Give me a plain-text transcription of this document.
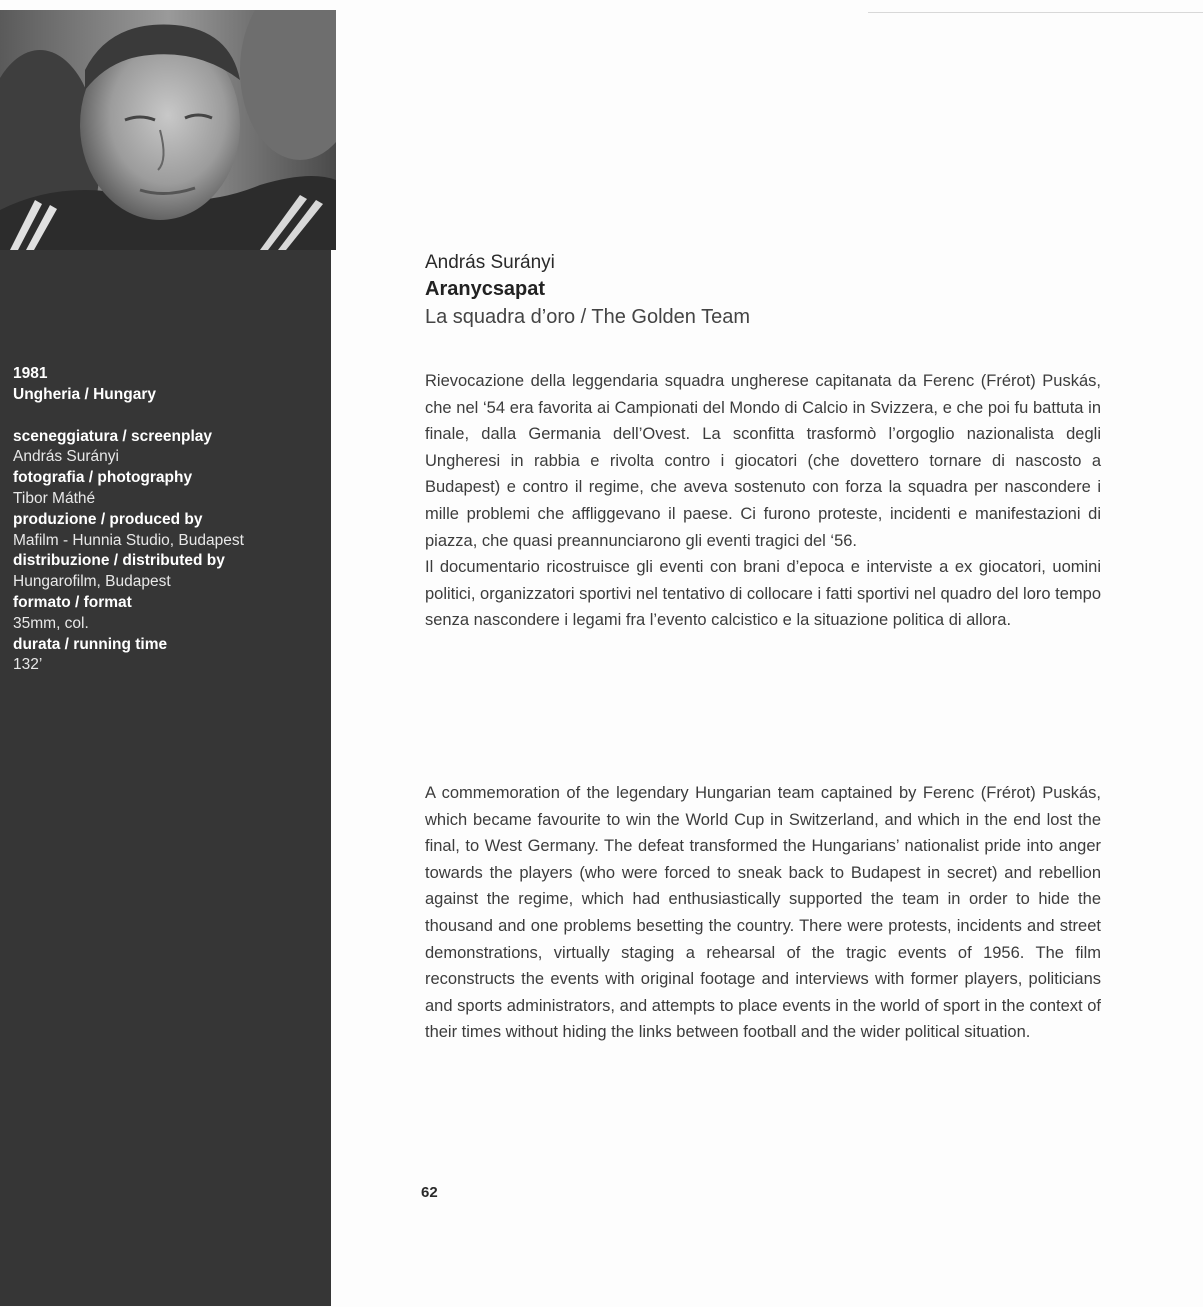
1981
Ungheria / Hungary
sceneggiatura / screenplay
András Surányi
fotografia / photography
Tibor Máthé
produzione / produced by
Mafilm - Hunnia Studio, Budapest
distribuzione / distributed by
Hungarofilm, Budapest
formato / format
35mm, col.
durata / running time
132’
András Surányi
Aranycsapat
La squadra d’oro / The Golden Team
Rievocazione della leggendaria squadra ungherese capitanata da Ferenc (Frérot) Puskás, che nel ‘54 era favorita ai Campionati del Mondo di Calcio in Svizzera, e che poi fu battuta in finale, dalla Germania dell’Ovest. La sconfitta trasformò l’orgoglio nazionalista degli Ungheresi in rabbia e rivolta contro i giocatori (che dovettero tornare di nascosto a Budapest) e contro il regime, che aveva sostenuto con forza la squadra per nascondere i mille problemi che affliggevano il paese. Ci furono proteste, incidenti e manifestazioni di piazza, che quasi preannunciarono gli eventi tragici del ‘56.
Il documentario ricostruisce gli eventi con brani d’epoca e interviste a ex giocatori, uomini politici, organizzatori sportivi nel tentativo di collocare i fatti sportivi nel quadro del loro tempo senza nascondere i legami fra l’evento calcistico e la situazione politica di allora.
A commemoration of the legendary Hungarian team captained by Ferenc (Frérot) Puskás, which became favourite to win the World Cup in Switzerland, and which in the end lost the final, to West Germany. The defeat transformed the Hungarians’ nationalist pride into anger towards the players (who were forced to sneak back to Budapest in secret) and rebellion against the regime, which had enthusiastically supported the team in order to hide the thousand and one problems besetting the country. There were protests, incidents and street demonstrations, virtually staging a rehearsal of the tragic events of 1956. The film reconstructs the events with original footage and interviews with former players, politicians and sports administrators, and attempts to place events in the world of sport in the context of their times without hiding the links between football and the wider political situation.
62
